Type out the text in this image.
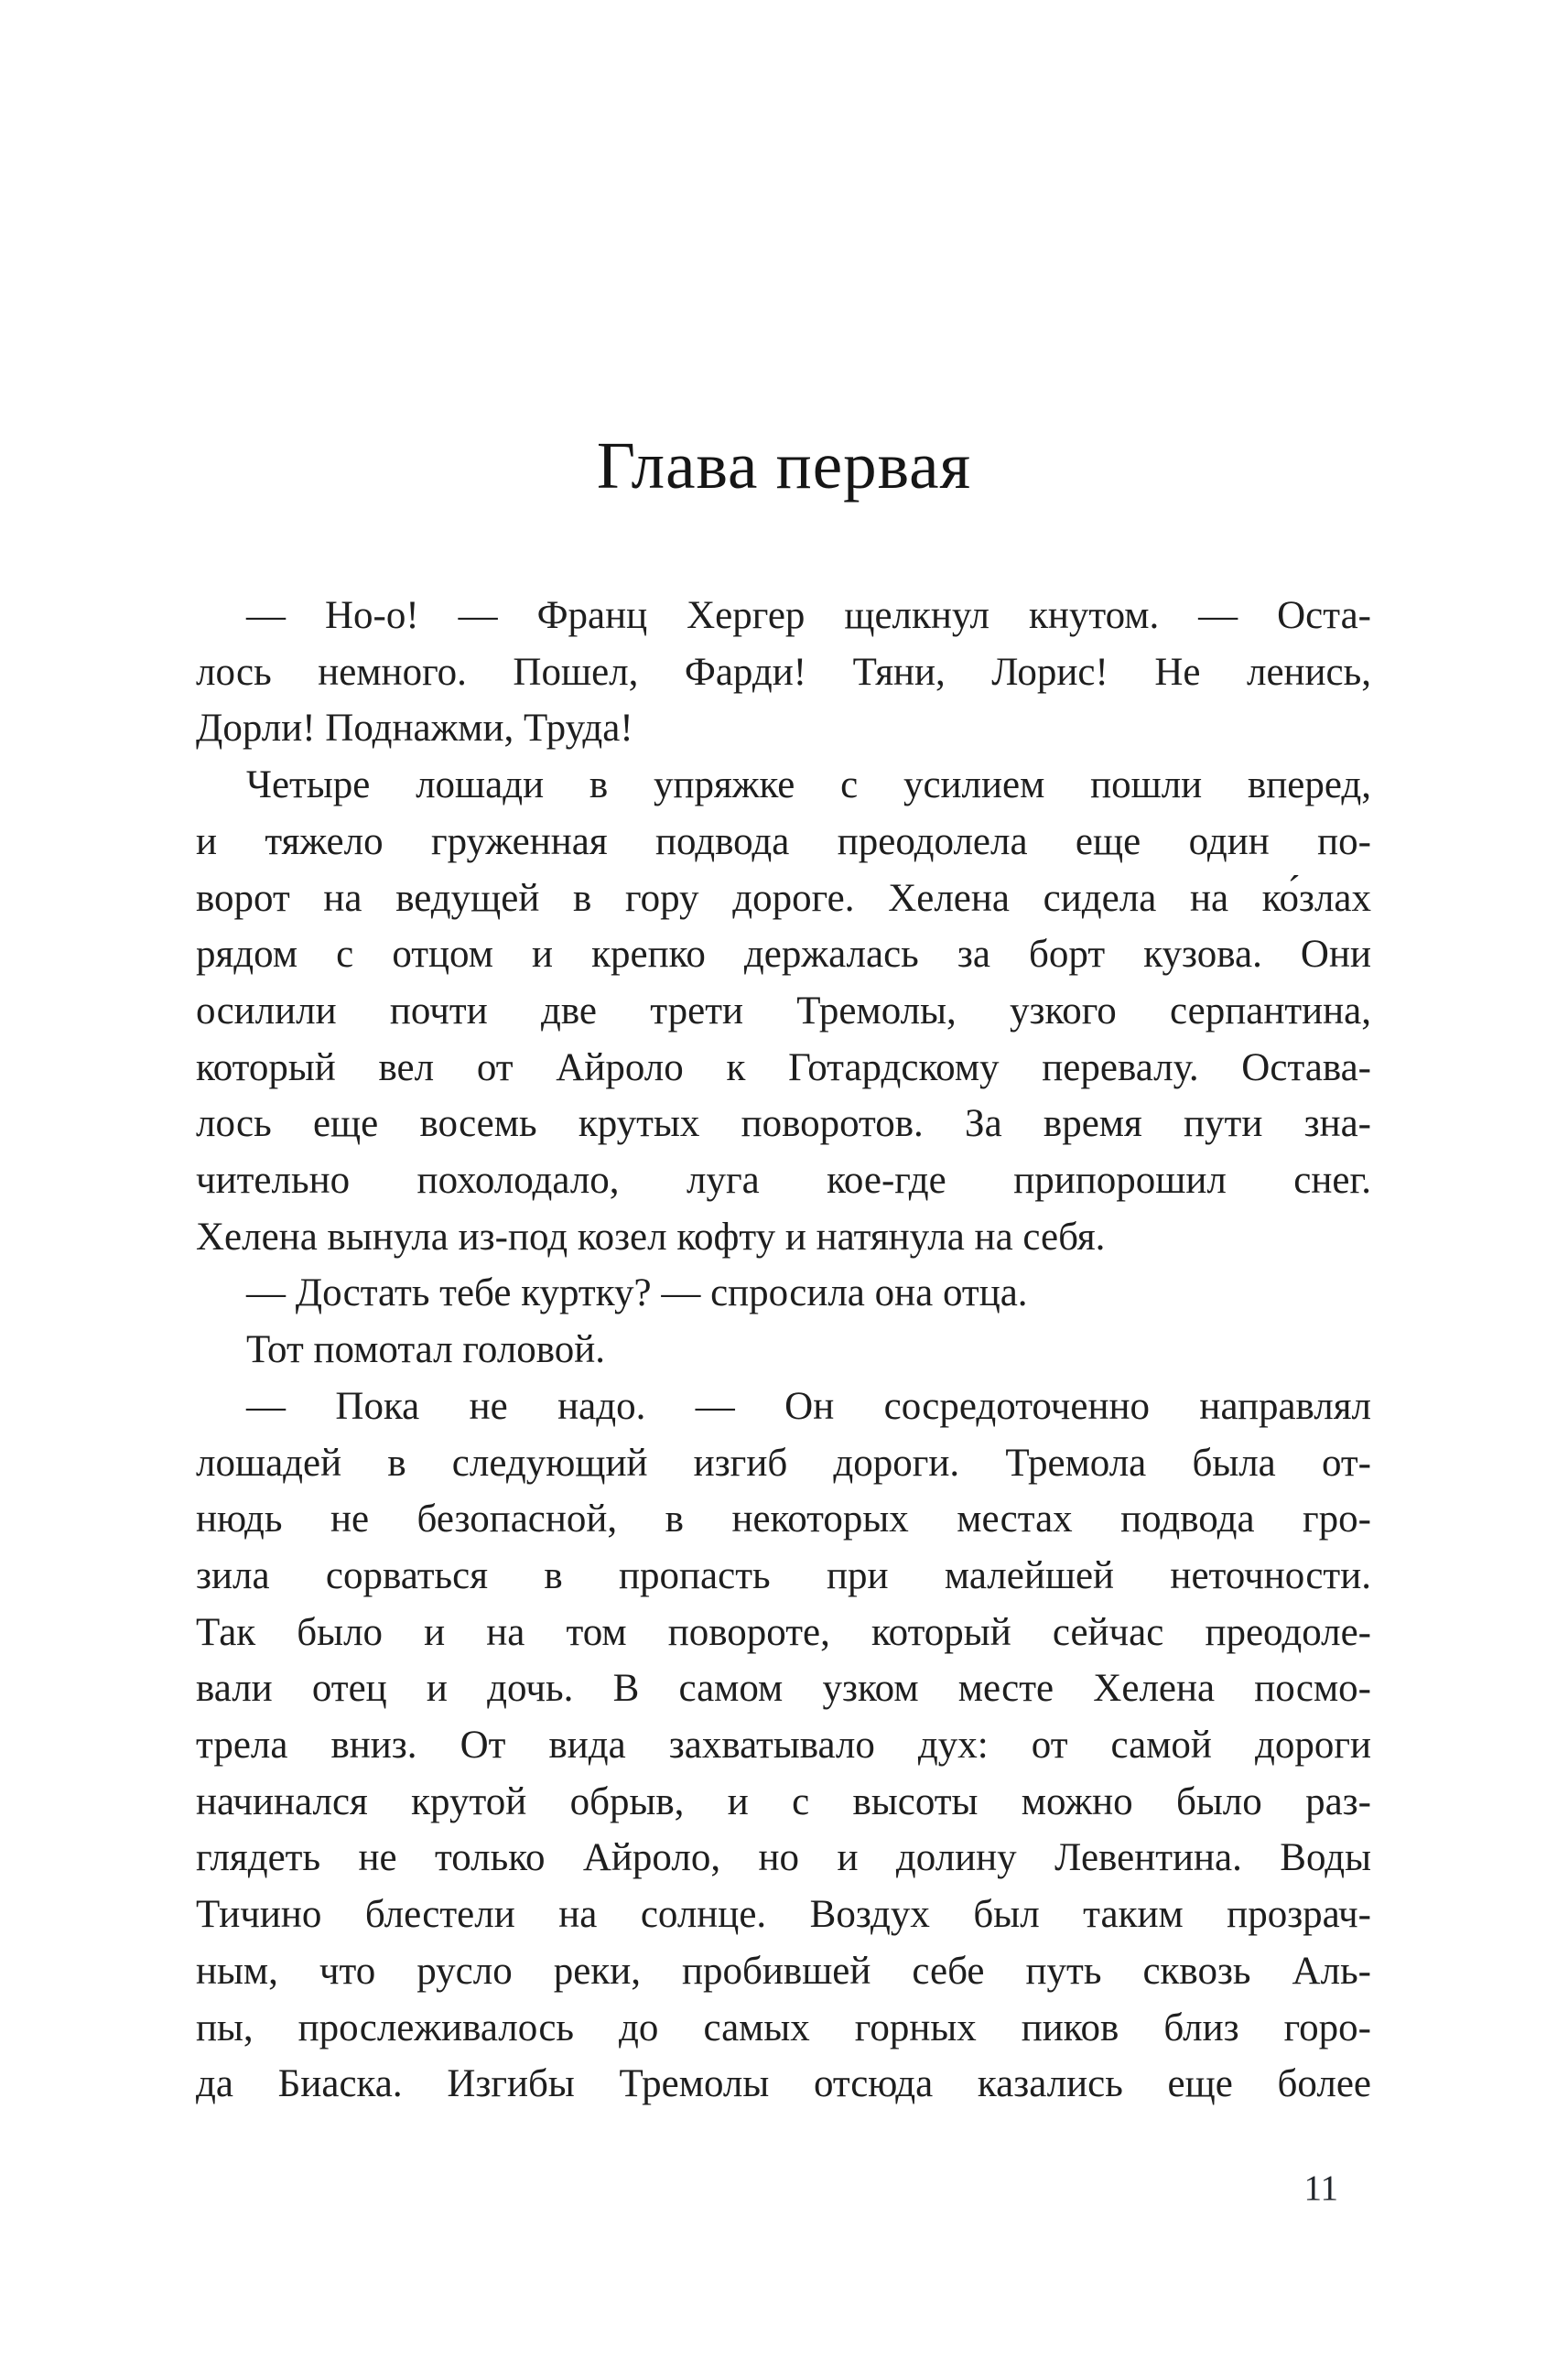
Глава первая
— Но-о! — Франц Хергер щелкнул кнутом. — Оста-
лось немного. Пошел, Фарди! Тяни, Лорис! Не ленись,
Дорли! Поднажми, Труда!
Четыре лошади в упряжке с усилием пошли вперед,
и тяжело груженная подвода преодолела еще один по-
ворот на ведущей в гору дороге. Хелена сидела на ко́злах
рядом с отцом и крепко держалась за борт кузова. Они
осилили почти две трети Тремолы, узкого серпантина,
который вел от Айроло к Готардскому перевалу. Остава-
лось еще восемь крутых поворотов. За время пути зна-
чительно похолодало, луга кое-где припорошил снег.
Хелена вынула из-под козел кофту и натянула на себя.
— Достать тебе куртку? — спросила она отца.
Тот помотал головой.
— Пока не надо. — Он сосредоточенно направлял
лошадей в следующий изгиб дороги. Тремола была от-
нюдь не безопасной, в некоторых местах подвода гро-
зила сорваться в пропасть при малейшей неточности.
Так было и на том повороте, который сейчас преодоле-
вали отец и дочь. В самом узком месте Хелена посмо-
трела вниз. От вида захватывало дух: от самой дороги
начинался крутой обрыв, и с высоты можно было раз-
глядеть не только Айроло, но и долину Левентина. Воды
Тичино блестели на солнце. Воздух был таким прозрач-
ным, что русло реки, пробившей себе путь сквозь Аль-
пы, прослеживалось до самых горных пиков близ горо-
да Биаска. Изгибы Тремолы отсюда казались еще более
11
